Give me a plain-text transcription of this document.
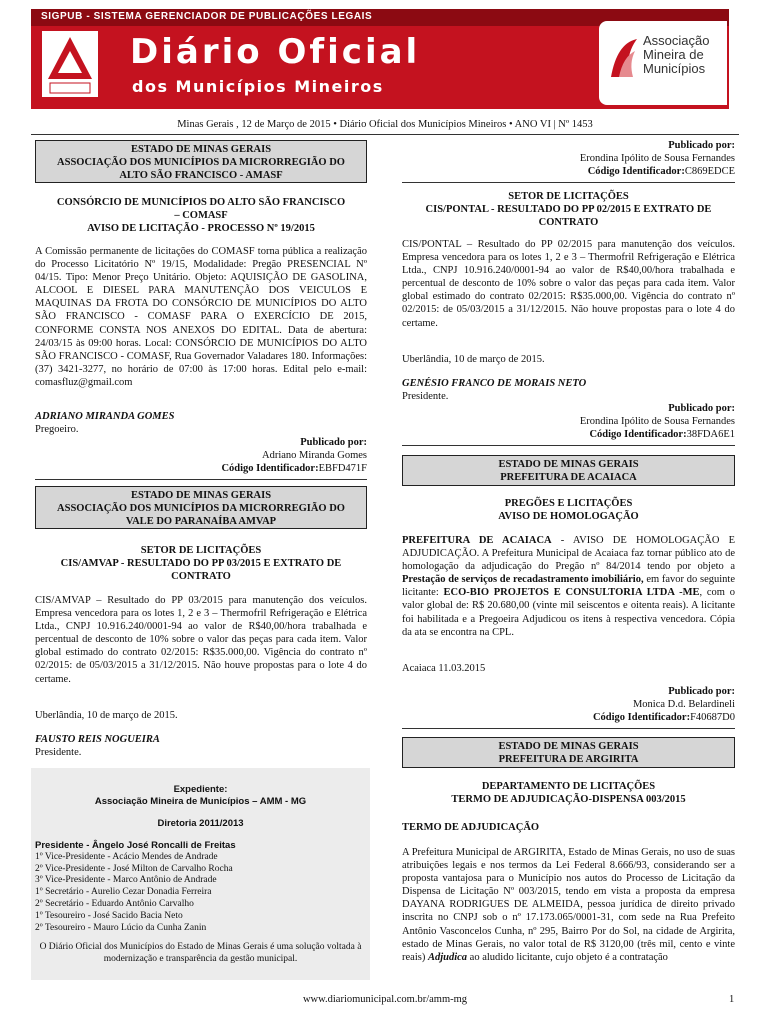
SIGPUB - SISTEMA GERENCIADOR DE PUBLICAÇÕES LEGAIS
Diário Oficial
dos Municípios Mineiros
Associação
Mineira de
Municípios
Minas Gerais , 12 de Março de 2015 • Diário Oficial dos Municípios Mineiros • ANO VI | Nº 1453
ESTADO DE MINAS GERAIS
ASSOCIAÇÃO DOS MUNICÍPIOS DA MICRORREGIÃO DO
ALTO SÃO FRANCISCO - AMASF
CONSÓRCIO DE MUNICÍPIOS DO ALTO SÃO FRANCISCO
– COMASF
AVISO DE LICITAÇÃO - PROCESSO Nº 19/2015

A Comissão permanente de licitações do COMASF torna pública a realização do Processo Licitatório Nº 19/15, Modalidade: Pregão PRESENCIAL Nº 04/15. Tipo: Menor Preço Unitário. Objeto: AQUISIÇÃO DE GASOLINA, ALCOOL E DIESEL PARA MANUTENÇÃO DOS VEICULOS E MAQUINAS DA FROTA DO CONSÓRCIO DE MUNICÍPIOS DO ALTO SÃO FRANCISCO - COMASF PARA O EXERCÍCIO DE 2015, CONFORME CONSTA NOS ANEXOS DO EDITAL. Data de abertura: 24/03/15 às 09:00 horas. Local: CONSÓRCIO DE MUNICÍPIOS DO ALTO SÃO FRANCISCO - COMASF, Rua Governador Valadares 180. Informações: (37) 3421-3277, no horário de 07:00 às 17:00 horas. Edital pelo e-mail: comasfluz@gmail.com

ADRIANO MIRANDA GOMES
Pregoeiro.
Publicado por:
Adriano Miranda Gomes
Código Identificador:EBFD471F
ESTADO DE MINAS GERAIS
ASSOCIAÇÃO DOS MUNICÍPIOS DA MICRORREGIÃO DO
VALE DO PARANAÍBA AMVAP
SETOR DE LICITAÇÕES
CIS/AMVAP - RESULTADO DO PP 03/2015 E EXTRATO DE
CONTRATO

CIS/AMVAP – Resultado do PP 03/2015 para manutenção dos veículos. Empresa vencedora para os lotes 1, 2 e 3 – Thermofril Refrigeração e Elétrica Ltda., CNPJ 10.916.240/0001-94 ao valor de R$40,00/hora trabalhada e percentual de desconto de 10% sobre o valor das peças para cada item. Valor global estimado do contrato 02/2015: R$35.000,00. Vigência do contrato nº 02/2015: de 05/03/2015 a 31/12/2015. Não houve propostas para o lote 4 do certame.

Uberlândia, 10 de março de 2015.
FAUSTO REIS NOGUEIRA
Presidente.
Expediente:
Associação Mineira de Municípios – AMM - MG
Diretoria 2011/2013
Presidente - Ângelo José Roncalli de Freitas
1º Vice-Presidente - Acácio Mendes de Andrade
2º Vice-Presidente - José Milton de Carvalho Rocha
3º Vice-Presidente - Marco Antônio de Andrade
1º Secretário - Aurelio Cezar Donadia Ferreira
2º Secretário - Eduardo Antônio Carvalho
1º Tesoureiro - José Sacido Bacia Neto
2º Tesoureiro - Mauro Lúcio da Cunha Zanin
O Diário Oficial dos Municípios do Estado de Minas Gerais é uma solução voltada à modernização e transparência da gestão municipal.
Publicado por:
Erondina Ipólito de Sousa Fernandes
Código Identificador:C869EDCE
SETOR DE LICITAÇÕES
CIS/PONTAL - RESULTADO DO PP 02/2015 E EXTRATO DE
CONTRATO

CIS/PONTAL – Resultado do PP 02/2015 para manutenção dos veículos. Empresa vencedora para os lotes 1, 2 e 3 – Thermofril Refrigeração e Elétrica Ltda., CNPJ 10.916.240/0001-94 ao valor de R$40,00/hora trabalhada e percentual de desconto de 10% sobre o valor das peças para cada item. Valor global estimado do contrato 02/2015: R$35.000,00. Vigência do contrato nº 02/2015: de 05/03/2015 a 31/12/2015. Não houve propostas para o lote 4 do certame.

Uberlândia, 10 de março de 2015.
GENÉSIO FRANCO DE MORAIS NETO
Presidente.
Publicado por:
Erondina Ipólito de Sousa Fernandes
Código Identificador:38FDA6E1
ESTADO DE MINAS GERAIS
PREFEITURA DE ACAIACA
PREGÕES E LICITAÇÕES
AVISO DE HOMOLOGAÇÃO

PREFEITURA DE ACAIACA - AVISO DE HOMOLOGAÇÃO E ADJUDICAÇÃO. A Prefeitura Municipal de Acaiaca faz tornar público ato de homologação da adjudicação do Pregão nº 84/2014 tendo por objeto a Prestação de serviços de recadastramento imobiliário, em favor do seguinte licitante: ECO-BIO PROJETOS E CONSULTORIA LTDA -ME, com o valor global de: R$ 20.680,00 (vinte mil seiscentos e oitenta reais). A licitante foi habilitada e a Pregoeira Adjudicou os itens à respectiva vencedora. Cópia da ata se encontra na CPL.

Acaiaca 11.03.2015
Publicado por:
Monica D.d. Belardineli
Código Identificador:F40687D0
ESTADO DE MINAS GERAIS
PREFEITURA DE ARGIRITA
DEPARTAMENTO DE LICITAÇÕES
TERMO DE ADJUDICAÇÃO-DISPENSA 003/2015
TERMO DE ADJUDICAÇÃO

A Prefeitura Municipal de ARGIRITA, Estado de Minas Gerais, no uso de suas atribuições legais e nos termos da Lei Federal 8.666/93, considerando ser a proposta vantajosa para o Município nos autos do Processo de Licitação da Dispensa de Licitação Nº 003/2015, tendo em vista a proposta da empresa DAYANA RODRIGUES DE ALMEIDA, pessoa jurídica de direito privado inscrita no CNPJ sob o nº 17.173.065/0001-31, com sede na Rua Prefeito Antônio Vasconcelos Cunha, nº 295, Bairro Por do Sol, na cidade de Argirita, estado de Minas Gerais, no valor total de R$ 3120,00 (três mil, cento e vinte reais) Adjudica ao aludido licitante, cujo objeto é a contratação

www.diariomunicipal.com.br/amm-mg	1
